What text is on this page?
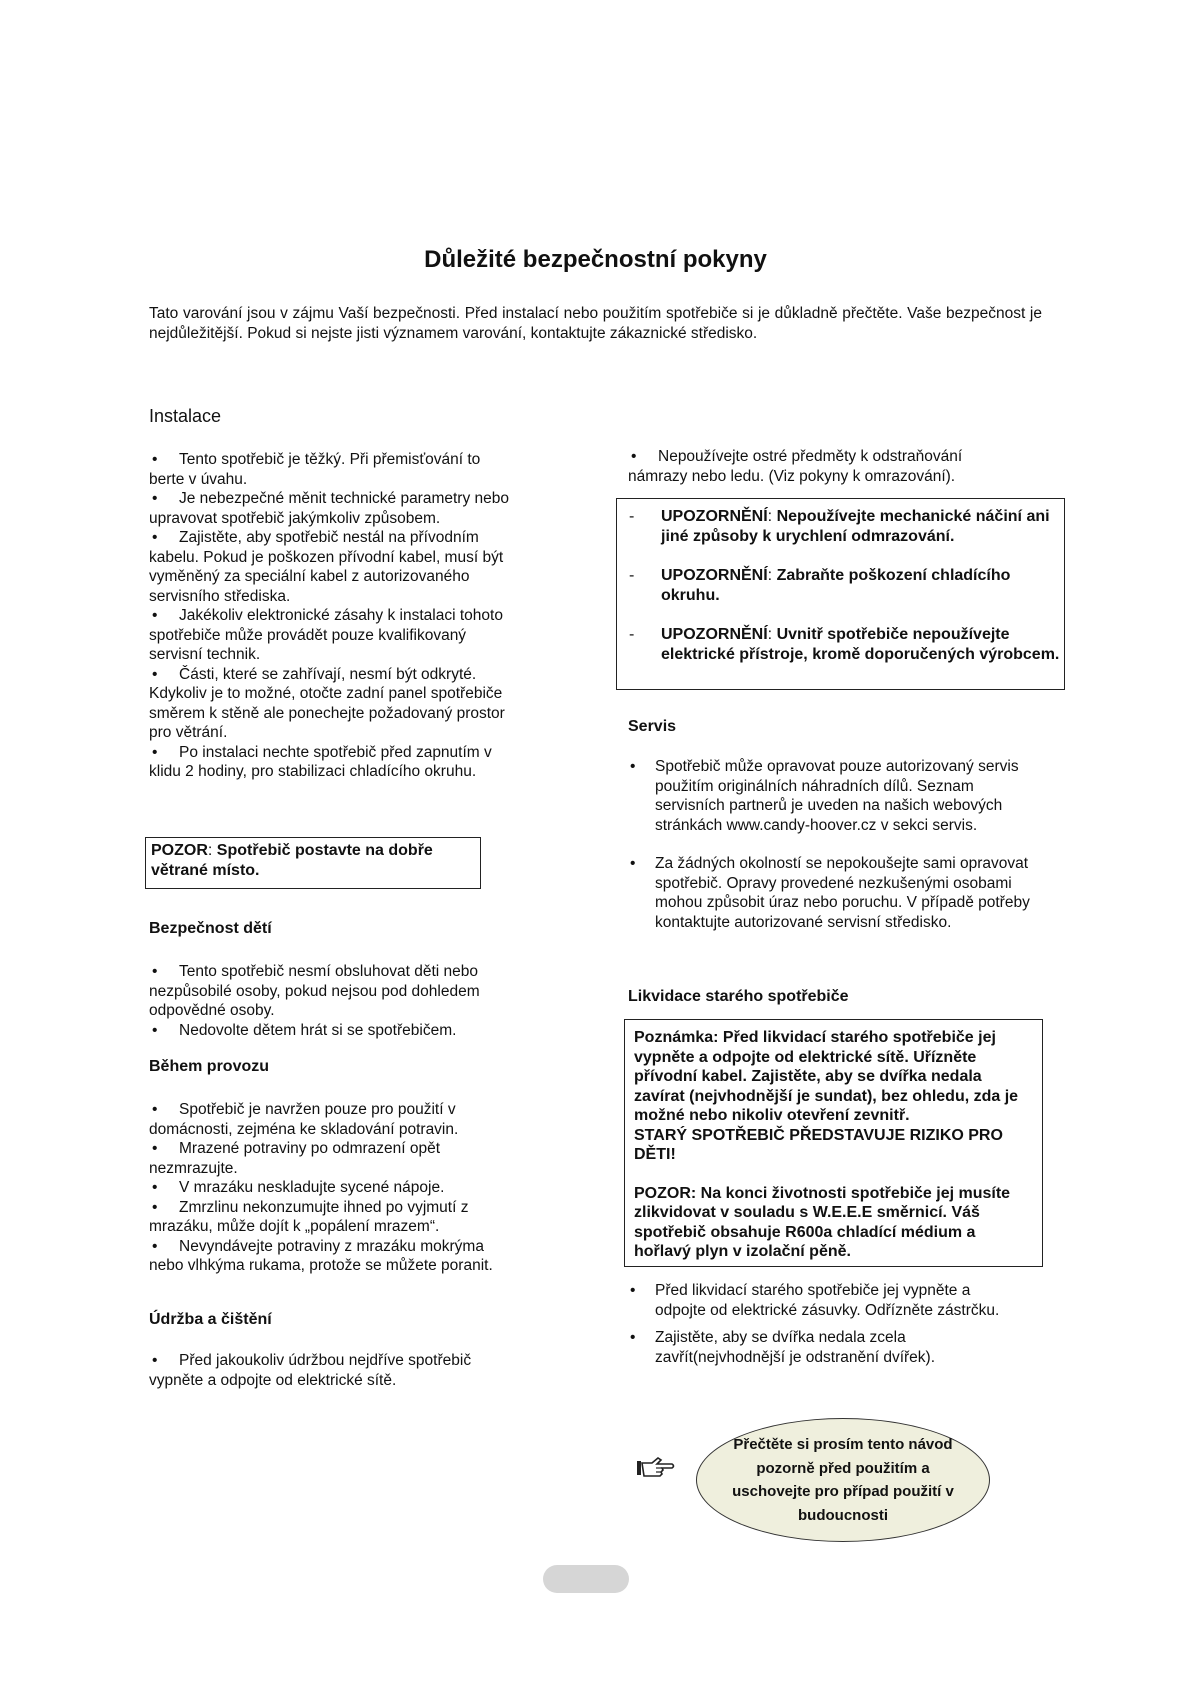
Důležité bezpečnostní pokyny

Tato varování jsou v zájmu Vaší bezpečnosti. Před instalací nebo použitím spotřebiče si je důkladně přečtěte. Vaše bezpečnost je nejdůležitější. Pokud si nejste jisti významem varování, kontaktujte zákaznické středisko.

Instalace
• Tento spotřebič je těžký. Při přemisťování to berte v úvahu.
• Je nebezpečné měnit technické parametry nebo upravovat spotřebič jakýmkoliv způsobem.
• Zajistěte, aby spotřebič nestál na přívodním kabelu. Pokud je poškozen přívodní kabel, musí být vyměněný za speciální kabel z autorizovaného servisního střediska.
• Jakékoliv elektronické zásahy k instalaci tohoto spotřebiče může provádět pouze kvalifikovaný servisní technik.
• Části, které se zahřívají, nesmí být odkryté. Kdykoliv je to možné, otočte zadní panel spotřebiče směrem k stěně ale ponechejte požadovaný prostor pro větrání.
• Po instalaci nechte spotřebič před zapnutím v klidu 2 hodiny, pro stabilizaci chladícího okruhu.
POZOR: Spotřebič postavte na dobře větrané místo.
Bezpečnost dětí
• Tento spotřebič nesmí obsluhovat děti nebo nezpůsobilé osoby, pokud nejsou pod dohledem odpovědné osoby.
• Nedovolte dětem hrát si se spotřebičem.
Během provozu
• Spotřebič je navržen pouze pro použití v domácnosti, zejména ke skladování potravin.
• Mrazené potraviny po odmrazení opět nezmrazujte.
• V mrazáku neskladujte sycené nápoje.
• Zmrzlinu nekonzumujte ihned po vyjmutí z mrazáku, může dojít k „popálení mrazem“.
• Nevyndávejte potraviny z mrazáku mokrýma nebo vlhkýma rukama, protože se můžete poranit.
Údržba a čištění
• Před jakoukoliv údržbou nejdříve spotřebič vypněte a odpojte od elektrické sítě.
• Nepoužívejte ostré předměty k odstraňování námrazy nebo ledu. (Viz pokyny k omrazování).
- UPOZORNĚNÍ: Nepoužívejte mechanické náčiní ani jiné způsoby k urychlení odmrazování.
- UPOZORNĚNÍ: Zabraňte poškození chladícího okruhu.
- UPOZORNĚNÍ: Uvnitř spotřebiče nepoužívejte elektrické přístroje, kromě doporučených výrobcem.
Servis
• Spotřebič může opravovat pouze autorizovaný servis použitím originálních náhradních dílů. Seznam servisních partnerů je uveden na našich webových stránkách www.candy-hoover.cz v sekci servis.
• Za žádných okolností se nepokoušejte sami opravovat spotřebič. Opravy provedené nezkušenými osobami mohou způsobit úraz nebo poruchu. V případě potřeby kontaktujte autorizované servisní středisko.
Likvidace starého spotřebiče
Poznámka: Před likvidací starého spotřebiče jej vypněte a odpojte od elektrické sítě. Uřízněte přívodní kabel. Zajistěte, aby se dvířka nedala zavírat (nejvhodnější je sundat), bez ohledu, zda je možné nebo nikoliv otevření zevnitř.
STARÝ SPOTŘEBIČ PŘEDSTAVUJE RIZIKO PRO DĚTI!
POZOR: Na konci životnosti spotřebiče jej musíte zlikvidovat v souladu s W.E.E.E směrnicí. Váš spotřebič obsahuje R600a chladící médium a hořlavý plyn v izolační pěně.
• Před likvidací starého spotřebiče jej vypněte a odpojte od elektrické zásuvky. Odřízněte zástrčku.
• Zajistěte, aby se dvířka nedala zcela zavřít(nejvhodnější je odstranění dvířek).
Přečtěte si prosím tento návod pozorně před použitím a uschovejte pro případ použití v budoucnosti
